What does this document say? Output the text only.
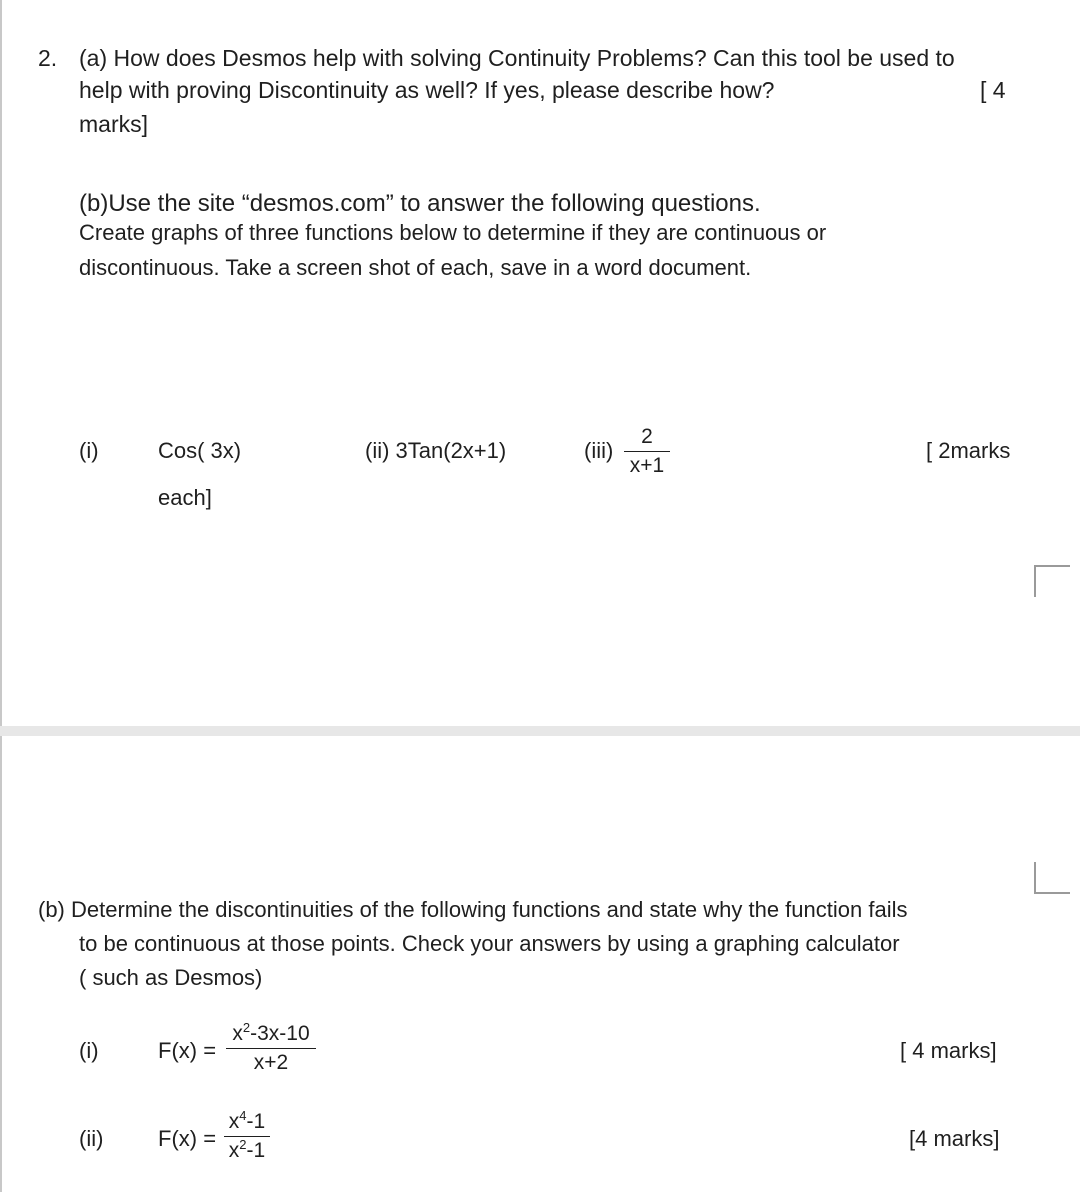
2. (a) How does Desmos help with solving Continuity Problems? Can this tool be used to
help with proving Discontinuity as well? If yes, please describe how?	[ 4
marks]
(b)Use the site “desmos.com” to answer the following questions.
Create graphs of three functions below to determine if they are continuous or
discontinuous. Take a screen shot of each, save in a word document.
(i)	Cos( 3x)	(ii) 3Tan(2x+1)	(iii)
2
x+1
[ 2marks
each]
(b) Determine the discontinuities of the following functions and state why the function fails
to be continuous at those points. Check your answers by using a graphing calculator
( such as Desmos)
(i)	F(x) =
$x^2-3x-10$
x+2	[ 4 marks]
(ii) F(x) =
$x^4-1$
$x^2-1$	[4 marks]
